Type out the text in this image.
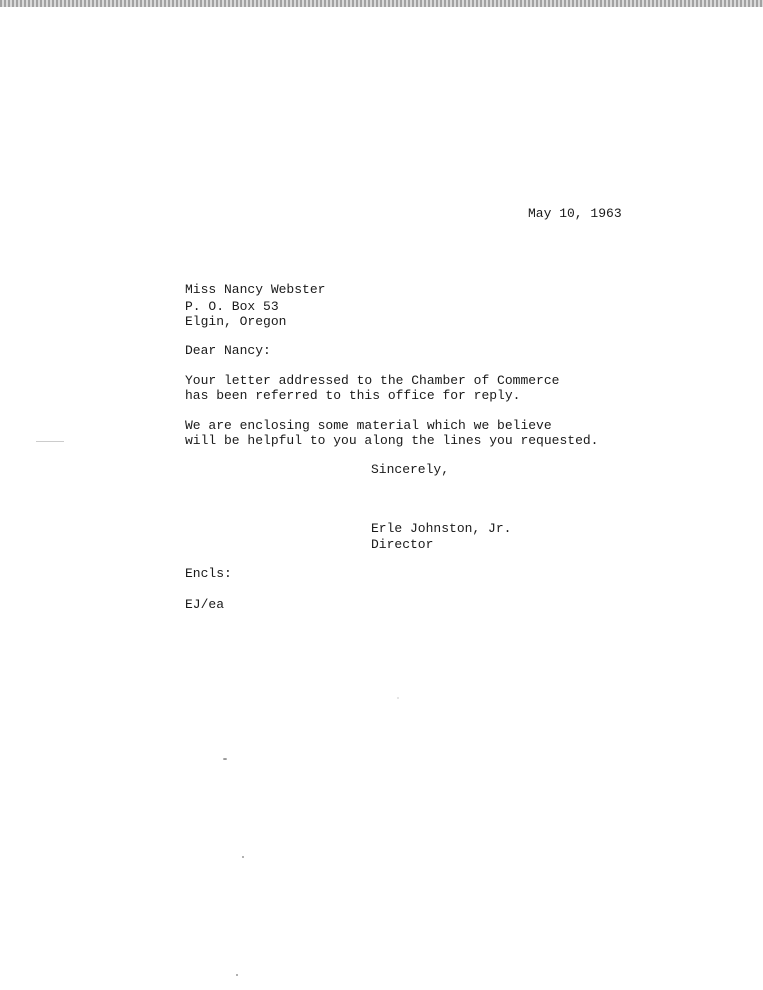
May 10, 1963
Miss Nancy Webster
P. O. Box 53
Elgin, Oregon
Dear Nancy:
Your letter addressed to the Chamber of Commerce
has been referred to this office for reply.
We are enclosing some material which we believe
will be helpful to you along the lines you requested.
Sincerely,
Erle Johnston, Jr.
Director
Encls:
EJ/ea
